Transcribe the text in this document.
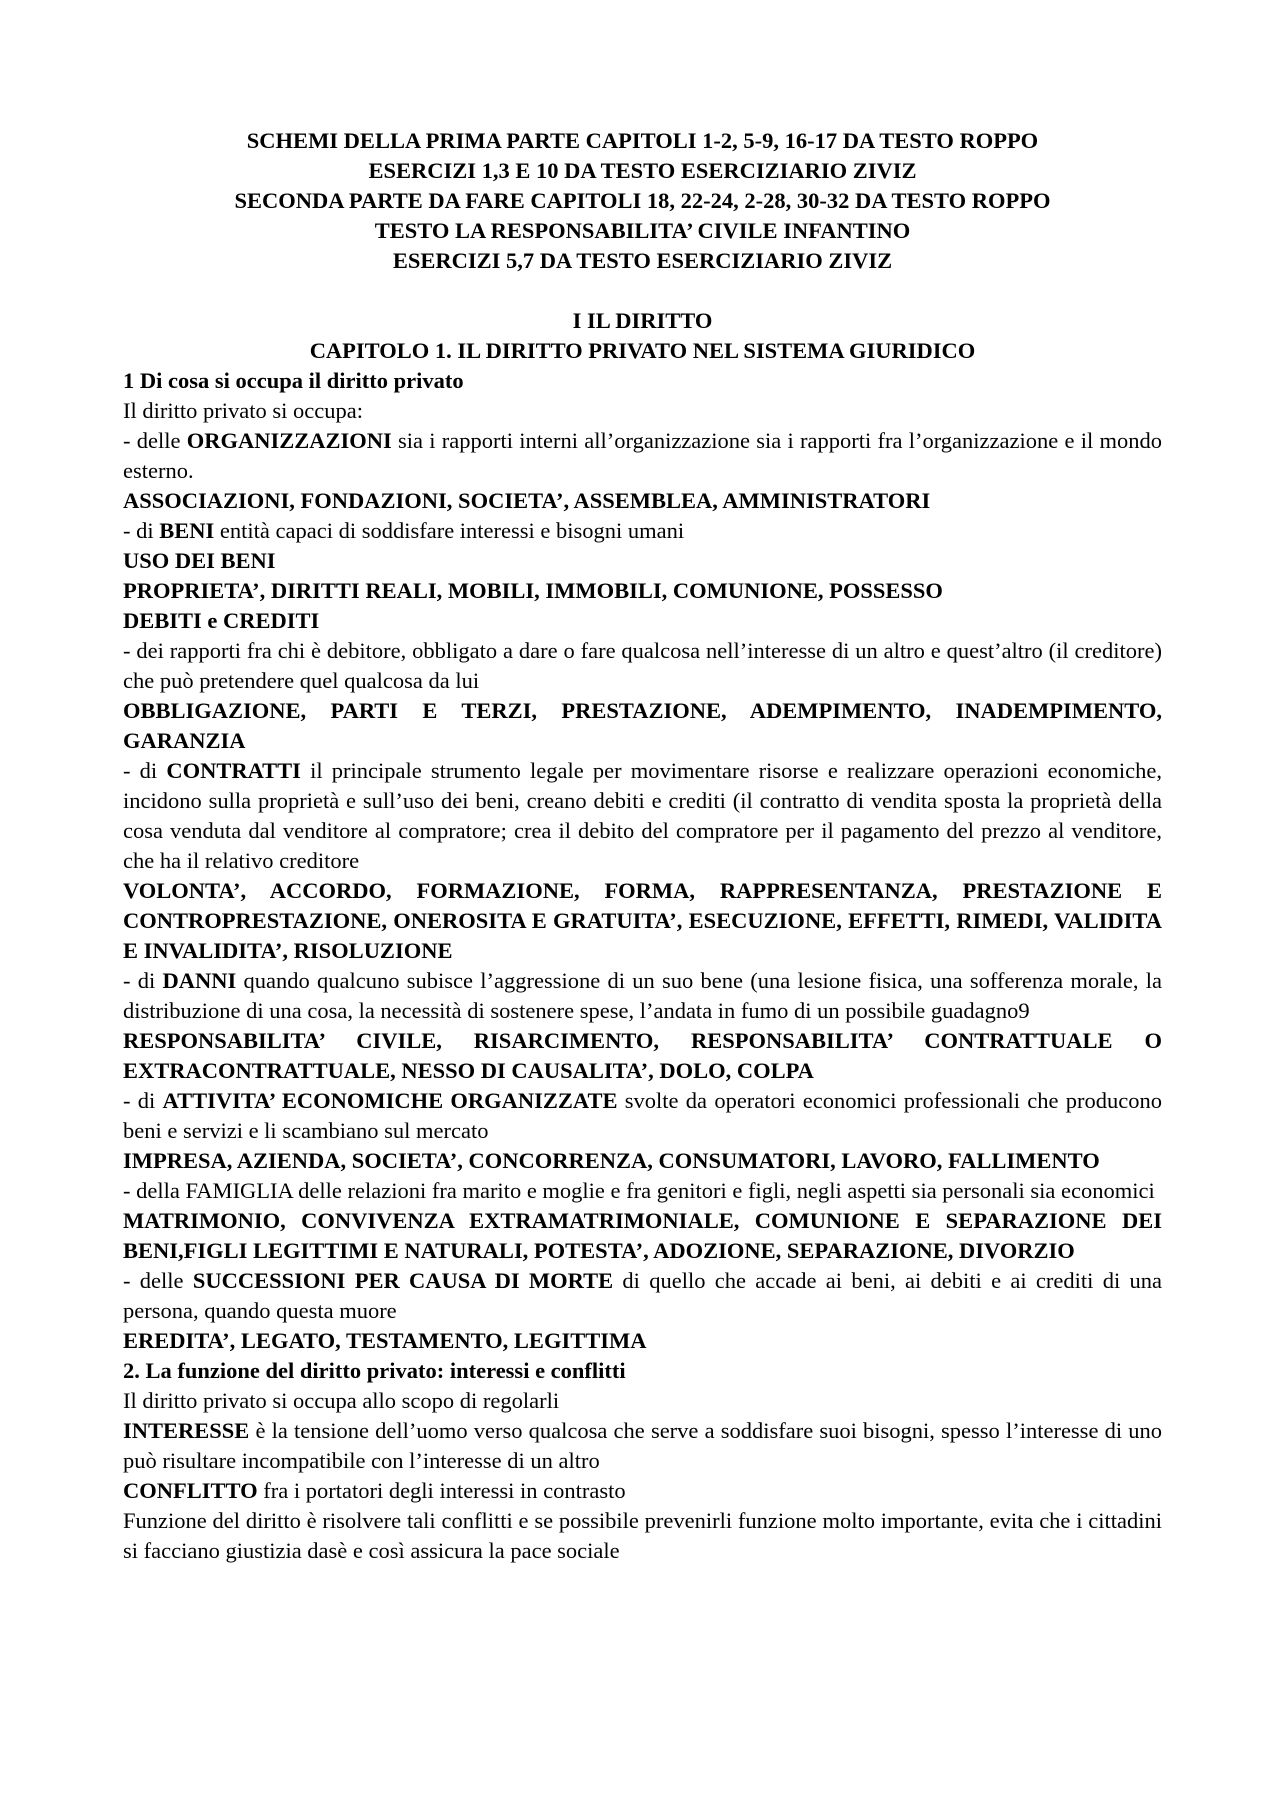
SCHEMI DELLA PRIMA PARTE CAPITOLI 1-2, 5-9, 16-17 DA TESTO ROPPO
ESERCIZI 1,3 E 10 DA TESTO ESERCIZIARIO ZIVIZ
SECONDA PARTE DA FARE CAPITOLI 18, 22-24, 2-28, 30-32 DA TESTO ROPPO
TESTO LA RESPONSABILITA’ CIVILE INFANTINO
ESERCIZI 5,7 DA TESTO ESERCIZIARIO ZIVIZ
I IL DIRITTO
CAPITOLO 1. IL DIRITTO PRIVATO NEL SISTEMA GIURIDICO
1 Di cosa si occupa il diritto privato
Il diritto privato si occupa:
- delle ORGANIZZAZIONI sia i rapporti interni all’organizzazione sia i rapporti fra l’organizzazione e il mondo esterno.
ASSOCIAZIONI, FONDAZIONI, SOCIETA’, ASSEMBLEA, AMMINISTRATORI
- di BENI entità capaci di soddisfare interessi e bisogni umani
USO DEI BENI
PROPRIETA’, DIRITTI REALI, MOBILI, IMMOBILI, COMUNIONE, POSSESSO
DEBITI e CREDITI
- dei rapporti fra chi è debitore, obbligato a dare o fare qualcosa nell’interesse di un altro e quest’altro (il creditore) che può pretendere quel qualcosa da lui
OBBLIGAZIONE, PARTI E TERZI, PRESTAZIONE, ADEMPIMENTO, INADEMPIMENTO, GARANZIA
- di CONTRATTI il principale strumento legale per movimentare risorse e realizzare operazioni economiche, incidono sulla proprietà e sull’uso dei beni, creano debiti e crediti (il contratto di vendita sposta la proprietà della cosa venduta dal venditore al compratore; crea il debito del compratore per il pagamento del prezzo al venditore, che ha il relativo creditore
VOLONTA’, ACCORDO, FORMAZIONE, FORMA, RAPPRESENTANZA, PRESTAZIONE E CONTROPRESTAZIONE, ONEROSITA E GRATUITA’, ESECUZIONE, EFFETTI, RIMEDI, VALIDITA E INVALIDITA’, RISOLUZIONE
- di DANNI quando qualcuno subisce l’aggressione di un suo bene (una lesione fisica, una sofferenza morale, la distribuzione di una cosa, la necessità di sostenere spese, l’andata in fumo di un possibile guadagno9
RESPONSABILITA’ CIVILE, RISARCIMENTO, RESPONSABILITA’ CONTRATTUALE O EXTRACONTRATTUALE, NESSO DI CAUSALITA’, DOLO, COLPA
- di ATTIVITA’ ECONOMICHE ORGANIZZATE svolte da operatori economici professionali che producono beni e servizi e li scambiano sul mercato
IMPRESA, AZIENDA, SOCIETA’, CONCORRENZA, CONSUMATORI, LAVORO, FALLIMENTO
- della FAMIGLIA delle relazioni fra marito e moglie e fra genitori e figli, negli aspetti sia personali sia economici
MATRIMONIO, CONVIVENZA EXTRAMATRIMONIALE, COMUNIONE E SEPARAZIONE DEI BENI,FIGLI LEGITTIMI E NATURALI, POTESTA’, ADOZIONE, SEPARAZIONE, DIVORZIO
- delle SUCCESSIONI PER CAUSA DI MORTE di quello che accade ai beni, ai debiti e ai crediti di una persona, quando questa muore
EREDITA’, LEGATO, TESTAMENTO, LEGITTIMA
2. La funzione del diritto privato: interessi e conflitti
Il diritto privato si occupa allo scopo di regolarli
INTERESSE è la tensione dell’uomo verso qualcosa che serve a soddisfare suoi bisogni, spesso l’interesse di uno può risultare incompatibile con l’interesse di un altro
CONFLITTO fra i portatori degli interessi in contrasto
Funzione del diritto è risolvere tali conflitti e se possibile prevenirli funzione molto importante, evita che i cittadini si facciano giustizia dasè e così assicura la pace sociale
